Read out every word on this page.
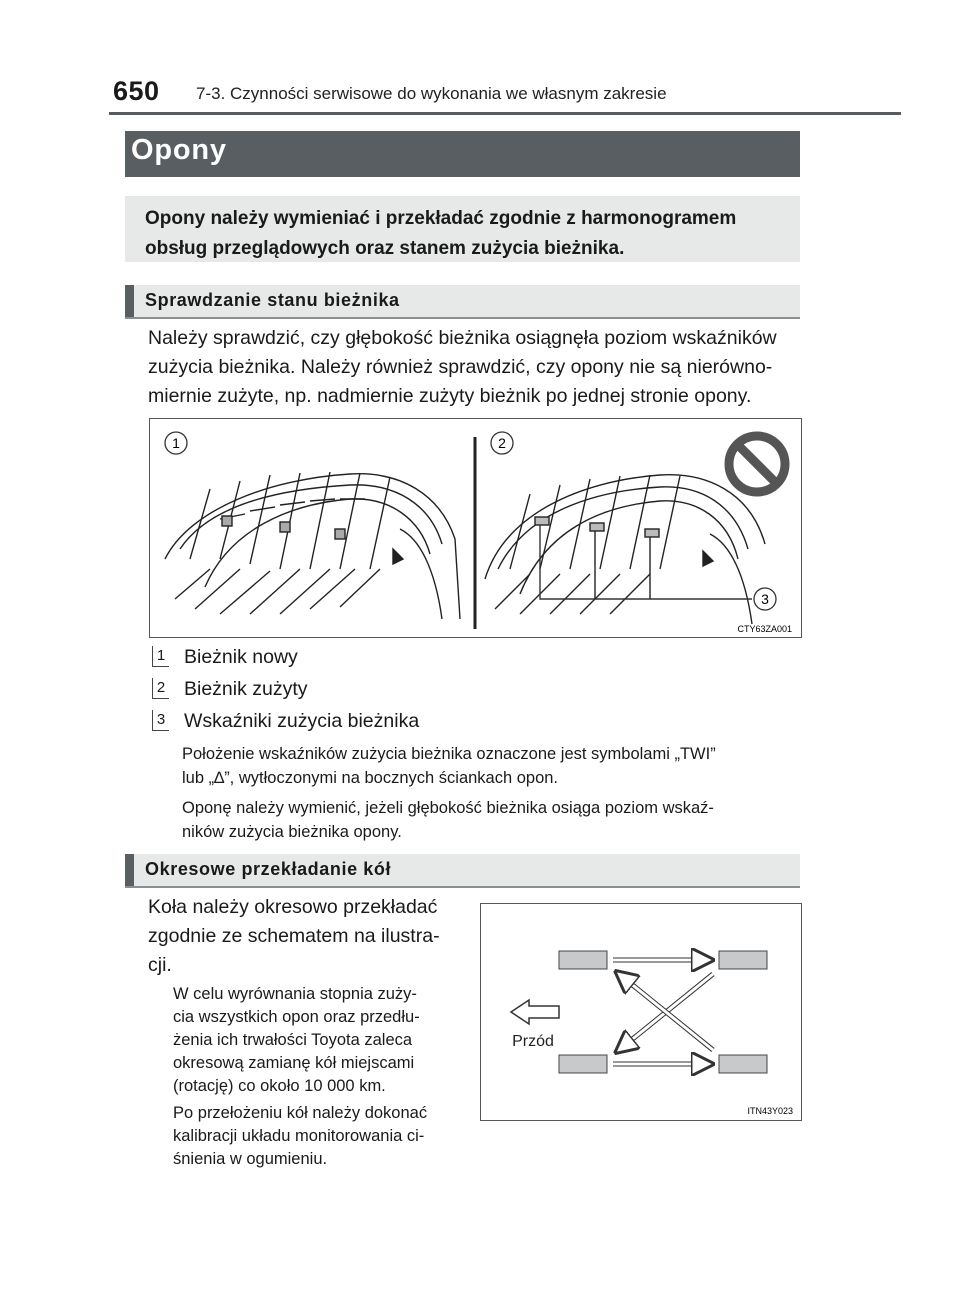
650 7-3. Czynności serwisowe do wykonania we własnym zakresie
Opony
Opony należy wymieniać i przekładać zgodnie z harmonogramem obsług przeglądowych oraz stanem zużycia bieżnika.
Sprawdzanie stanu bieżnika
Należy sprawdzić, czy głębokość bieżnika osiągnęła poziom wskaźników
zużycia bieżnika. Należy również sprawdzić, czy opony nie są nierówno-
miernie zużyte, np. nadmiernie zużyty bieżnik po jednej stronie opony.
1	2
3
CTY63ZA001
1 Bieżnik nowy
2 Bieżnik zużyty
3 Wskaźniki zużycia bieżnika
Położenie wskaźników zużycia bieżnika oznaczone jest symbolami „TWI”
lub „∆”, wytłoczonymi na bocznych ściankach opon.
Oponę należy wymienić, jeżeli głębokość bieżnika osiąga poziom wskaź-
ników zużycia bieżnika opony.
Okresowe przekładanie kół
Koła należy okresowo przekładać
zgodnie ze schematem na ilustra-
cji.
W celu wyrównania stopnia zuży-
cia wszystkich opon oraz przedłu-
żenia ich trwałości Toyota zaleca
okresową zamianę kół miejscami
(rotację) co około 10 000 km.
Po przełożeniu kół należy dokonać
kalibracji układu monitorowania ci-
śnienia w ogumieniu.
Przód
ITN43Y023
